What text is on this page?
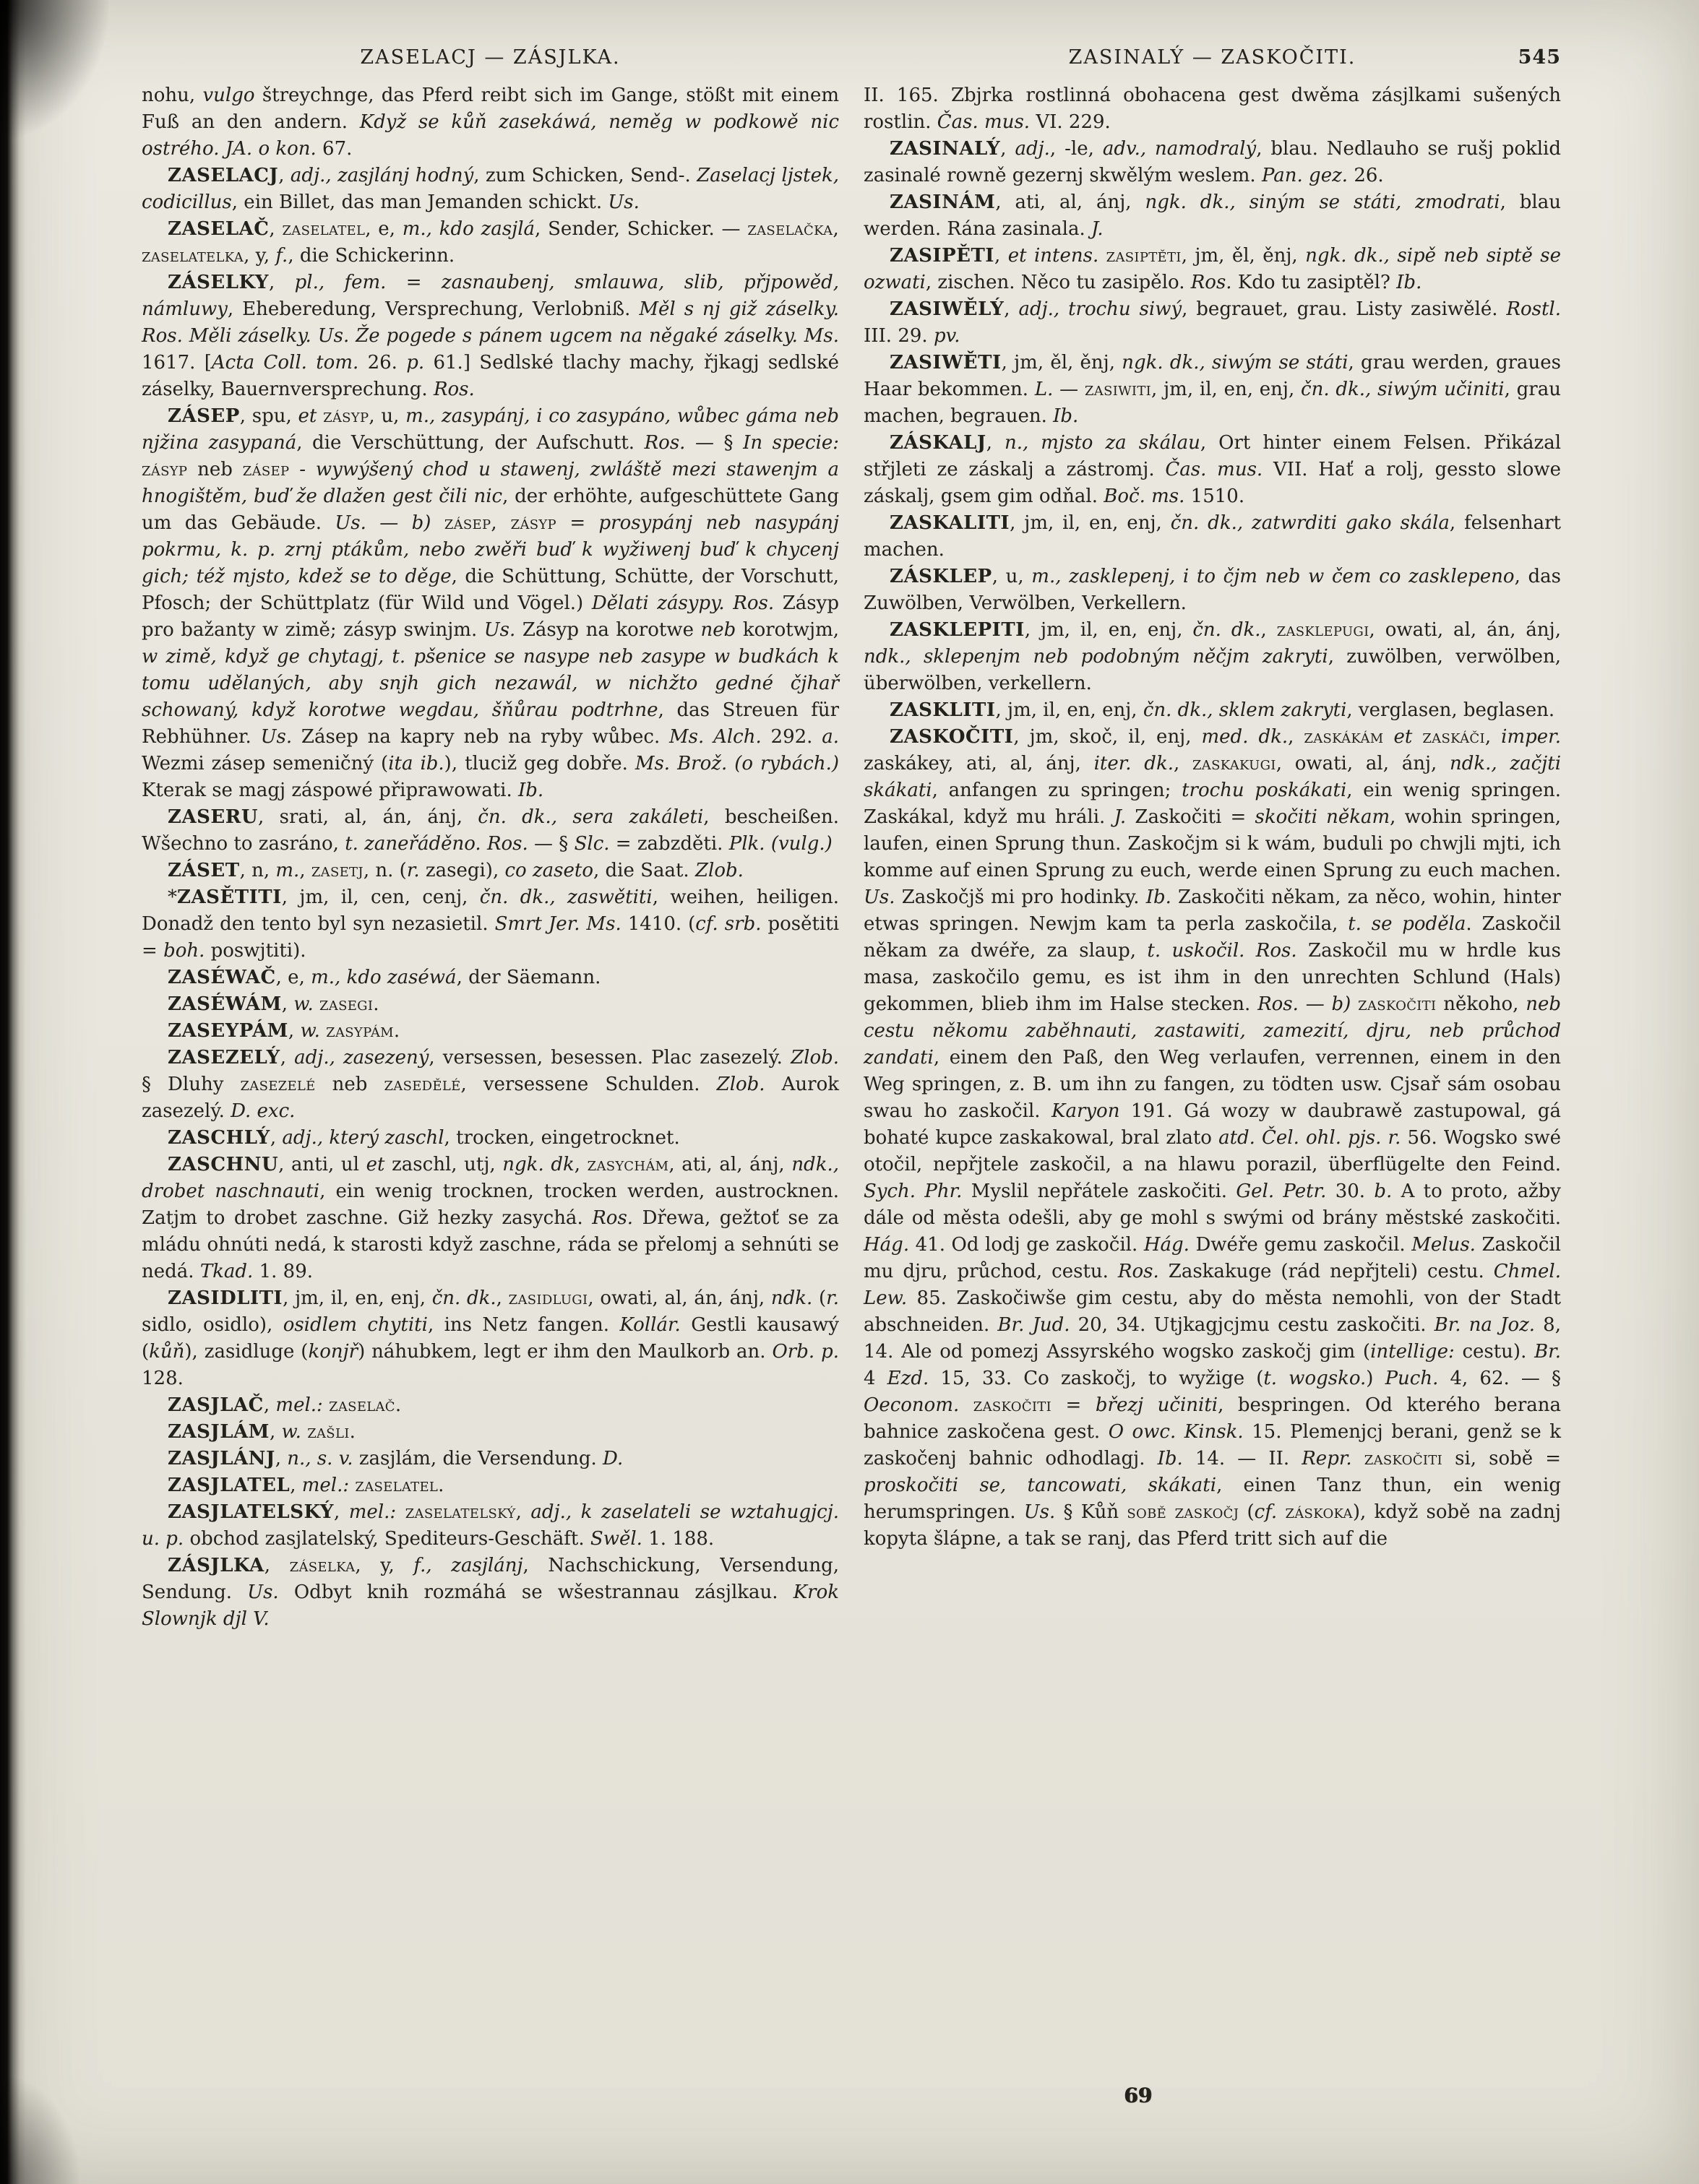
ZASELACJ — ZÁSJLKA.	ZASINALÝ — ZASKOČITI.	545

nohu, vulgo štreychnge, das Pferd reibt sich im Gange, stößt mit einem Fuß an den andern. Když se kůň zasekáwá, neměg w podkowě nic ostrého. JA. o kon. 67.

ZASELACJ, adj., zasjlánj hodný, zum Schicken, Send-. Zaselacj ljstek, codicillus, ein Billet, das man Jemanden schickt. Us.

ZASELAČ, zaselatel, e, m., kdo zasjlá, Sender, Schicker. — zaselačka, zaselatelka, y, f., die Schickerinn.

ZÁSELKY, pl., fem. = zasnaubenj, smlauwa, slib, přjpowěd, námluwy, Eheberedung, Versprechung, Verlobniß. Měl s nj giž záselky. Ros. Měli záselky. Us. Že pogede s pánem ugcem na něgaké záselky. Ms. 1617. [Acta Coll. tom. 26. p. 61.] Sedlské tlachy machy, řjkagj sedlské záselky, Bauernversprechung. Ros.

ZÁSEP, spu, et zásyp, u, m., zasypánj, i co zasypáno, wůbec gáma neb njžina zasypaná, die Verschüttung, der Aufschutt. Ros. — § In specie: zásyp neb zásep - wywýšený chod u stawenj, zwláště mezi stawenjm a hnogištěm, buď že dlažen gest čili nic, der erhöhte, aufgeschüttete Gang um das Gebäude. Us. — b) zásep, zásyp = prosypánj neb nasypánj pokrmu, k. p. zrnj ptákům, nebo zwěři buď k wyžiwenj buď k chycenj gich; též mjsto, kdež se to děge, die Schüttung, Schütte, der Vorschutt, Pfosch; der Schüttplatz (für Wild und Vögel.) Dělati zásypy. Ros. Zásyp pro bažanty w zimě; zásyp swinjm. Us. Zásyp na korotwe neb korotwjm, w zimě, když ge chytagj, t. pšenice se nasype neb zasype w budkách k tomu udělaných, aby snjh gich nezawál, w nichžto gedné čjhař schowaný, když korotwe wegdau, šňůrau podtrhne, das Streuen für Rebhühner. Us. Zásep na kapry neb na ryby wůbec. Ms. Alch. 292. a. Wezmi zásep semeničný (ita ib.), tluciž geg dobře. Ms. Brož. (o rybách.) Kterak se magj záspowé připrawowati. Ib.

ZASERU, srati, al, án, ánj, čn. dk., sera zakáleti, bescheißen. Wšechno to zasráno, t. zaneřáděno. Ros. — § Slc. = zabzděti. Plk. (vulg.)

ZÁSET, n, m., zasetj, n. (r. zasegi), co zaseto, die Saat. Zlob.

*ZASĚTITI, jm, il, cen, cenj, čn. dk., zaswětiti, weihen, heiligen. Donadž den tento byl syn nezasietil. Smrt Jer. Ms. 1410. (cf. srb. posětiti = boh. poswjtiti).

ZASÉWAČ, e, m., kdo zaséwá, der Säemann.

ZASÉWÁM, w. zasegi.

ZASEYPÁM, w. zasypám.

ZASEZELÝ, adj., zasezený, versessen, besessen. Plac zasezelý. Zlob. § Dluhy zasezelé neb zasedělé, versessene Schulden. Zlob. Aurok zasezelý. D. exc.

ZASCHLÝ, adj., který zaschl, trocken, eingetrocknet.

ZASCHNU, anti, ul et zaschl, utj, ngk. dk, zasychám, ati, al, ánj, ndk., drobet naschnauti, ein wenig trocknen, trocken werden, austrocknen. Zatjm to drobet zaschne. Giž hezky zasychá. Ros. Dřewa, gežtoť se za mládu ohnúti nedá, k starosti když zaschne, ráda se přelomj a sehnúti se nedá. Tkad. 1. 89.

ZASIDLITI, jm, il, en, enj, čn. dk., zasidlugi, owati, al, án, ánj, ndk. (r. sidlo, osidlo), osidlem chytiti, ins Netz fangen. Kollár. Gestli kausawý (kůň), zasidluge (konjř) náhubkem, legt er ihm den Maulkorb an. Orb. p. 128.

ZASJLAČ, mel.: zaselač.

ZASJLÁM, w. zašli.

ZASJLÁNJ, n., s. v. zasjlám, die Versendung. D.

ZASJLATEL, mel.: zaselatel.

ZASJLATELSKÝ, mel.: zaselatelský, adj., k zaselateli se wztahugjcj. u. p. obchod zasjlatelský, Spediteurs-Geschäft. Swěl. 1. 188.

ZÁSJLKA, záselka, y, f., zasjlánj, Nachschickung, Versendung, Sendung. Us. Odbyt knih rozmáhá se wšestrannau zásjlkau. Krok Slownjk djl V.

II. 165. Zbjrka rostlinná obohacena gest dwěma zásjlkami sušených rostlin. Čas. mus. VI. 229.

ZASINALÝ, adj., -le, adv., namodralý, blau. Nedlauho se rušj poklid zasinalé rowně gezernj skwělým weslem. Pan. gez. 26.

ZASINÁM, ati, al, ánj, ngk. dk., siným se státi, zmodrati, blau werden. Rána zasinala. J.

ZASIPĚTI, et intens. zasiptěti, jm, ěl, ěnj, ngk. dk., sipě neb siptě se ozwati, zischen. Něco tu zasipělo. Ros. Kdo tu zasiptěl? Ib.

ZASIWĚLÝ, adj., trochu siwý, begrauet, grau. Listy zasiwělé. Rostl. III. 29. pv.

ZASIWĚTI, jm, ěl, ěnj, ngk. dk., siwým se státi, grau werden, graues Haar bekommen. L. — zasiwiti, jm, il, en, enj, čn. dk., siwým učiniti, grau machen, begrauen. Ib.

ZÁSKALJ, n., mjsto za skálau, Ort hinter einem Felsen. Přikázal střjleti ze záskalj a zástromj. Čas. mus. VII. Hať a rolj, gessto slowe záskalj, gsem gim odňal. Boč. ms. 1510.

ZASKALITI, jm, il, en, enj, čn. dk., zatwrditi gako skála, felsenhart machen.

ZÁSKLEP, u, m., zasklepenj, i to čjm neb w čem co zasklepeno, das Zuwölben, Verwölben, Verkellern.

ZASKLEPITI, jm, il, en, enj, čn. dk., zasklepugi, owati, al, án, ánj, ndk., sklepenjm neb podobným něčjm zakryti, zuwölben, verwölben, überwölben, verkellern.

ZASKLITI, jm, il, en, enj, čn. dk., sklem zakryti, verglasen, beglasen.

ZASKOČITI, jm, skoč, il, enj, med. dk., zaskákám et zaskáči, imper. zaskákey, ati, al, ánj, iter. dk., zaskakugi, owati, al, ánj, ndk., začjti skákati, anfangen zu springen; trochu poskákati, ein wenig springen. Zaskákal, když mu hráli. J. Zaskočiti = skočiti někam, wohin springen, laufen, einen Sprung thun. Zaskočjm si k wám, buduli po chwjli mjti, ich komme auf einen Sprung zu euch, werde einen Sprung zu euch machen. Us. Zaskočjš mi pro hodinky. Ib. Zaskočiti někam, za něco, wohin, hinter etwas springen. Newjm kam ta perla zaskočila, t. se poděla. Zaskočil někam za dwéře, za slaup, t. uskočil. Ros. Zaskočil mu w hrdle kus masa, zaskočilo gemu, es ist ihm in den unrechten Schlund (Hals) gekommen, blieb ihm im Halse stecken. Ros. — b) zaskočiti někoho, neb cestu někomu zaběhnauti, zastawiti, zamezití, djru, neb průchod zandati, einem den Paß, den Weg verlaufen, verrennen, einem in den Weg springen, z. B. um ihn zu fangen, zu tödten usw. Cjsař sám osobau swau ho zaskočil. Karyon 191. Gá wozy w daubrawě zastupowal, gá bohaté kupce zaskakowal, bral zlato atd. Čel. ohl. pjs. r. 56. Wogsko swé otočil, nepřjtele zaskočil, a na hlawu porazil, überflügelte den Feind. Sych. Phr. Myslil nepřátele zaskočiti. Gel. Petr. 30. b. A to proto, ažby dále od města odešli, aby ge mohl s swými od brány městské zaskočiti. Hág. 41. Od lodj ge zaskočil. Hág. Dwéře gemu zaskočil. Melus. Zaskočil mu djru, průchod, cestu. Ros. Zaskakuge (rád nepřjteli) cestu. Chmel. Lew. 85. Zaskočiwše gim cestu, aby do města nemohli, von der Stadt abschneiden. Br. Jud. 20, 34. Utjkagjcjmu cestu zaskočiti. Br. na Joz. 8, 14. Ale od pomezj Assyrského wogsko zaskočj gim (intellige: cestu). Br. 4 Ezd. 15, 33. Co zaskočj, to wyžige (t. wogsko.) Puch. 4, 62. — § Oeconom. zaskočiti = březj učiniti, bespringen. Od kterého berana bahnice zaskočena gest. O owc. Kinsk. 15. Plemenjcj berani, genž se k zaskočenj bahnic odhodlagj. Ib. 14. — II. Repr. zaskočiti si, sobě = proskočiti se, tancowati, skákati, einen Tanz thun, ein wenig herumspringen. Us. § Kůň sobě zaskočj (cf. záskoka), když sobě na zadnj kopyta šlápne, a tak se ranj, das Pferd tritt sich auf die

69
